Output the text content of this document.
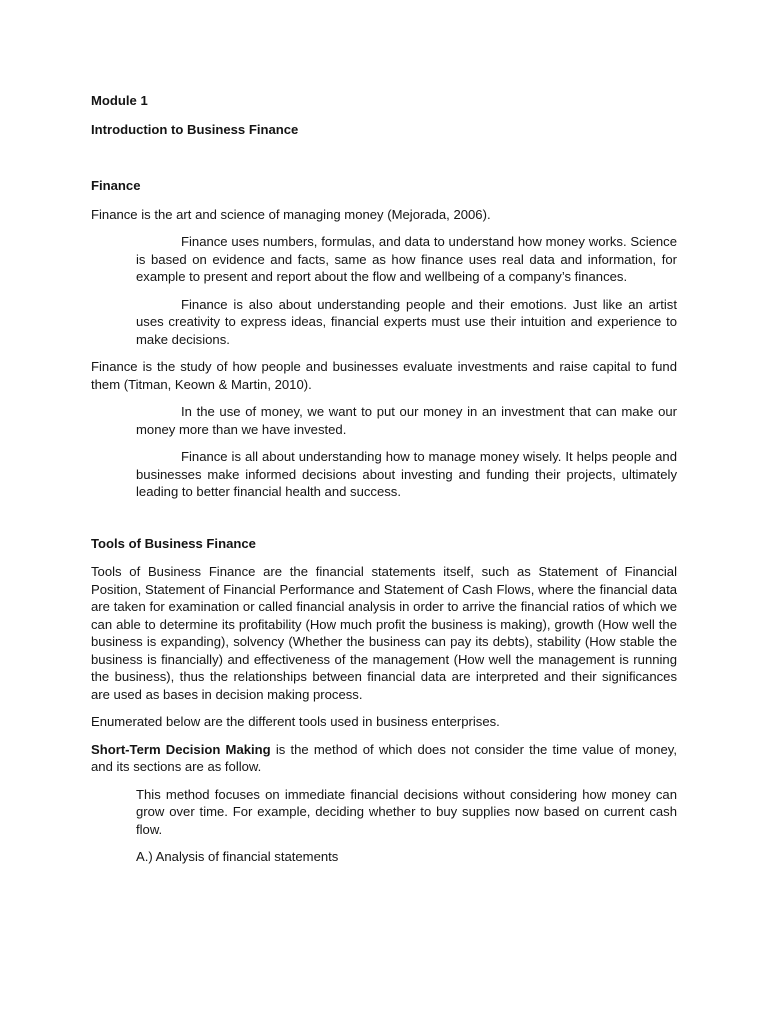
Module 1
Introduction to Business Finance
Finance

Finance is the art and science of managing money (Mejorada, 2006).

Finance uses numbers, formulas, and data to understand how money works. Science is based on evidence and facts, same as how finance uses real data and information, for example to present and report about the flow and wellbeing of a company’s finances.

Finance is also about understanding people and their emotions. Just like an artist uses creativity to express ideas, financial experts must use their intuition and experience to make decisions.

Finance is the study of how people and businesses evaluate investments and raise capital to fund them (Titman, Keown & Martin, 2010).

In the use of money, we want to put our money in an investment that can make our money more than we have invested.

Finance is all about understanding how to manage money wisely. It helps people and businesses make informed decisions about investing and funding their projects, ultimately leading to better financial health and success.

Tools of Business Finance

Tools of Business Finance are the financial statements itself, such as Statement of Financial Position, Statement of Financial Performance and Statement of Cash Flows, where the financial data are taken for examination or called financial analysis in order to arrive the financial ratios of which we can able to determine its profitability (How much profit the business is making), growth (How well the business is expanding), solvency (Whether the business can pay its debts), stability (How stable the business is financially) and effectiveness of the management (How well the management is running the business), thus the relationships between financial data are interpreted and their significances are used as bases in decision making process.

Enumerated below are the different tools used in business enterprises.

Short-Term Decision Making is the method of which does not consider the time value of money, and its sections are as follow.

This method focuses on immediate financial decisions without considering how money can grow over time. For example, deciding whether to buy supplies now based on current cash flow.

A.) Analysis of financial statements
